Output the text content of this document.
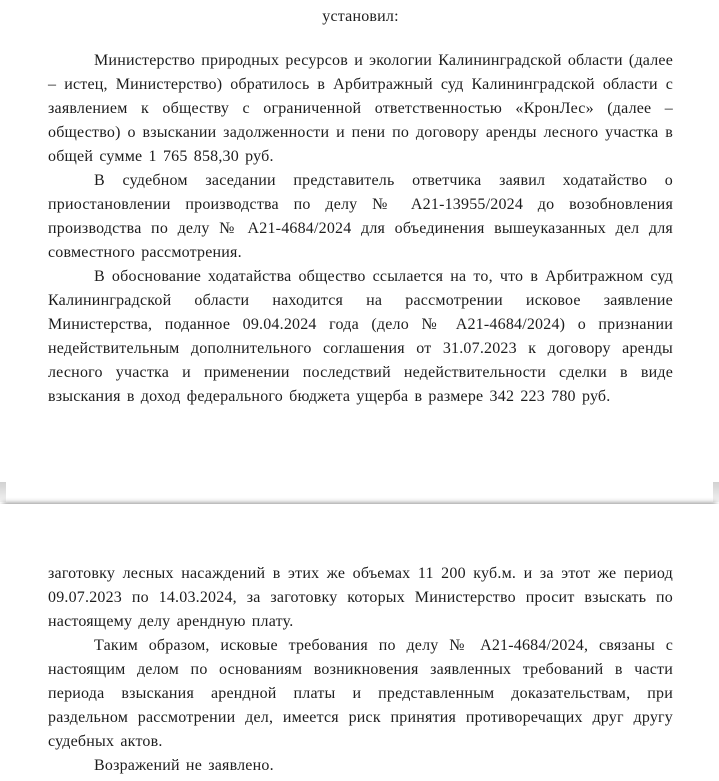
установил:

Министерство природных ресурсов и экологии Калининградской области (далее – истец, Министерство) обратилось в Арбитражный суд Калининградской области с заявлением к обществу с ограниченной ответственностью «КронЛес» (далее – общество) о взыскании задолженности и пени по договору аренды лесного участка в общей сумме 1 765 858,30 руб.

В судебном заседании представитель ответчика заявил ходатайство о приостановлении производства по делу № А21-13955/2024 до возобновления производства по делу № А21-4684/2024 для объединения вышеуказанных дел для совместного рассмотрения.

В обоснование ходатайства общество ссылается на то, что в Арбитражном суд Калининградской области находится на рассмотрении исковое заявление Министерства, поданное 09.04.2024 года (дело № А21-4684/2024) о признании недействительным дополнительного соглашения от 31.07.2023 к договору аренды лесного участка и применении последствий недействительности сделки в виде взыскания в доход федерального бюджета ущерба в размере 342 223 780 руб.

заготовку лесных насаждений в этих же объемах 11 200 куб.м. и за этот же период 09.07.2023 по 14.03.2024, за заготовку которых Министерство просит взыскать по настоящему делу арендную плату.

Таким образом, исковые требования по делу № А21-4684/2024, связаны с настоящим делом по основаниям возникновения заявленных требований в части периода взыскания арендной платы и представленным доказательствам, при раздельном рассмотрении дел, имеется риск принятия противоречащих друг другу судебных актов.

Возражений не заявлено.
